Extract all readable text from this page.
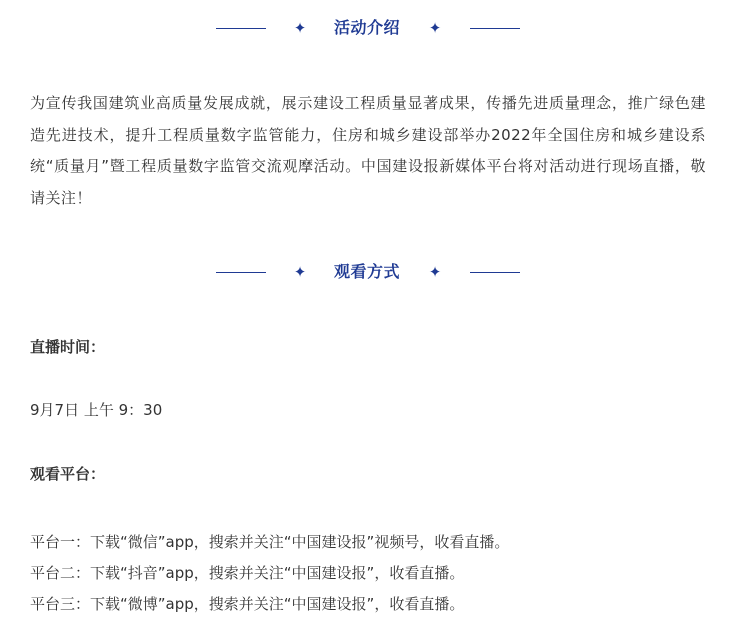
✦	活动介绍	✦

为宣传我国建筑业高质量发展成就，展示建设工程质量显著成果，传播先进质量理念，推广绿色建造先进技术，提升工程质量数字监管能力，住房和城乡建设部举办2022年全国住房和城乡建设系统“质量月”暨工程质量数字监管交流观摩活动。中国建设报新媒体平台将对活动进行现场直播，敬请关注！

✦	观看方式	✦

直播时间：

9月7日 上午 9：30

观看平台：

平台一：下载“微信”app，搜索并关注“中国建设报”视频号，收看直播。
平台二：下载“抖音”app，搜索并关注“中国建设报”，收看直播。
平台三：下载“微博”app，搜索并关注“中国建设报”，收看直播。
